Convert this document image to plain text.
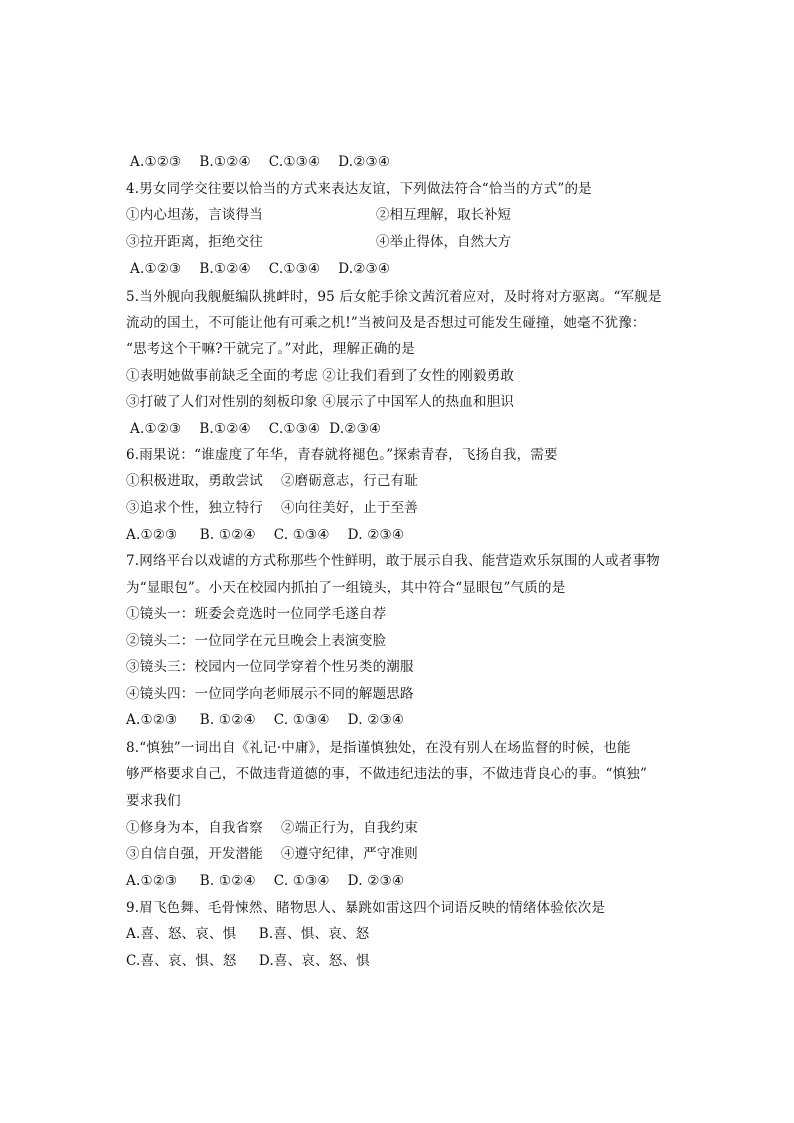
A.①②③    B.①②④    C.①③④    D.②③④
4.男女同学交往要以恰当的方式来表达友谊，下列做法符合“恰当的方式”的是
①内心坦荡，言谈得当	②相互理解，取长补短
③拉开距离，拒绝交往	④举止得体，自然大方
A.①②③    B.①②④    C.①③④    D.②③④
5.当外舰向我舰艇编队挑衅时，95 后女舵手徐文茜沉着应对，及时将对方驱离。“军舰是
流动的国土，不可能让他有可乘之机!”当被问及是否想过可能发生碰撞，她毫不犹豫：
“思考这个干嘛?干就完了。”对此，理解正确的是
①表明她做事前缺乏全面的考虑 ②让我们看到了女性的刚毅勇敢
③打破了人们对性别的刻板印象 ④展示了中国军人的热血和胆识
A.①②③    B.①②④    C.①③④  D.②③④
6.雨果说：“谁虚度了年华，青春就将褪色。”探索青春，飞扬自我，需要
①积极进取，勇敢尝试    ②磨砺意志，行己有耻
③追求个性，独立特行    ④向往美好，止于至善
A.①②③     B. ①②④    C. ①③④    D. ②③④
7.网络平台以戏谑的方式称那些个性鲜明，敢于展示自我、能营造欢乐氛围的人或者事物
为“显眼包”。小天在校园内抓拍了一组镜头，其中符合“显眼包”气质的是
①镜头一：班委会竞选时一位同学毛遂自荐
②镜头二：一位同学在元旦晚会上表演变脸
③镜头三：校园内一位同学穿着个性另类的潮服
④镜头四：一位同学向老师展示不同的解题思路
A.①②③     B. ①②④    C. ①③④    D. ②③④
8.“慎独”一词出自《礼记·中庸》，是指谨慎独处，在没有别人在场监督的时候，也能
够严格要求自己，不做违背道德的事，不做违纪违法的事，不做违背良心的事。“慎独”
要求我们
①修身为本，自我省察    ②端正行为，自我约束
③自信自强，开发潜能    ④遵守纪律，严守准则
A.①②③     B. ①②④    C. ①③④    D. ②③④
9.眉飞色舞、毛骨悚然、睹物思人、暴跳如雷这四个词语反映的情绪体验依次是
A.喜、怒、哀、惧     B.喜、惧、哀、怒
C.喜、哀、惧、怒     D.喜、哀、怒、惧
